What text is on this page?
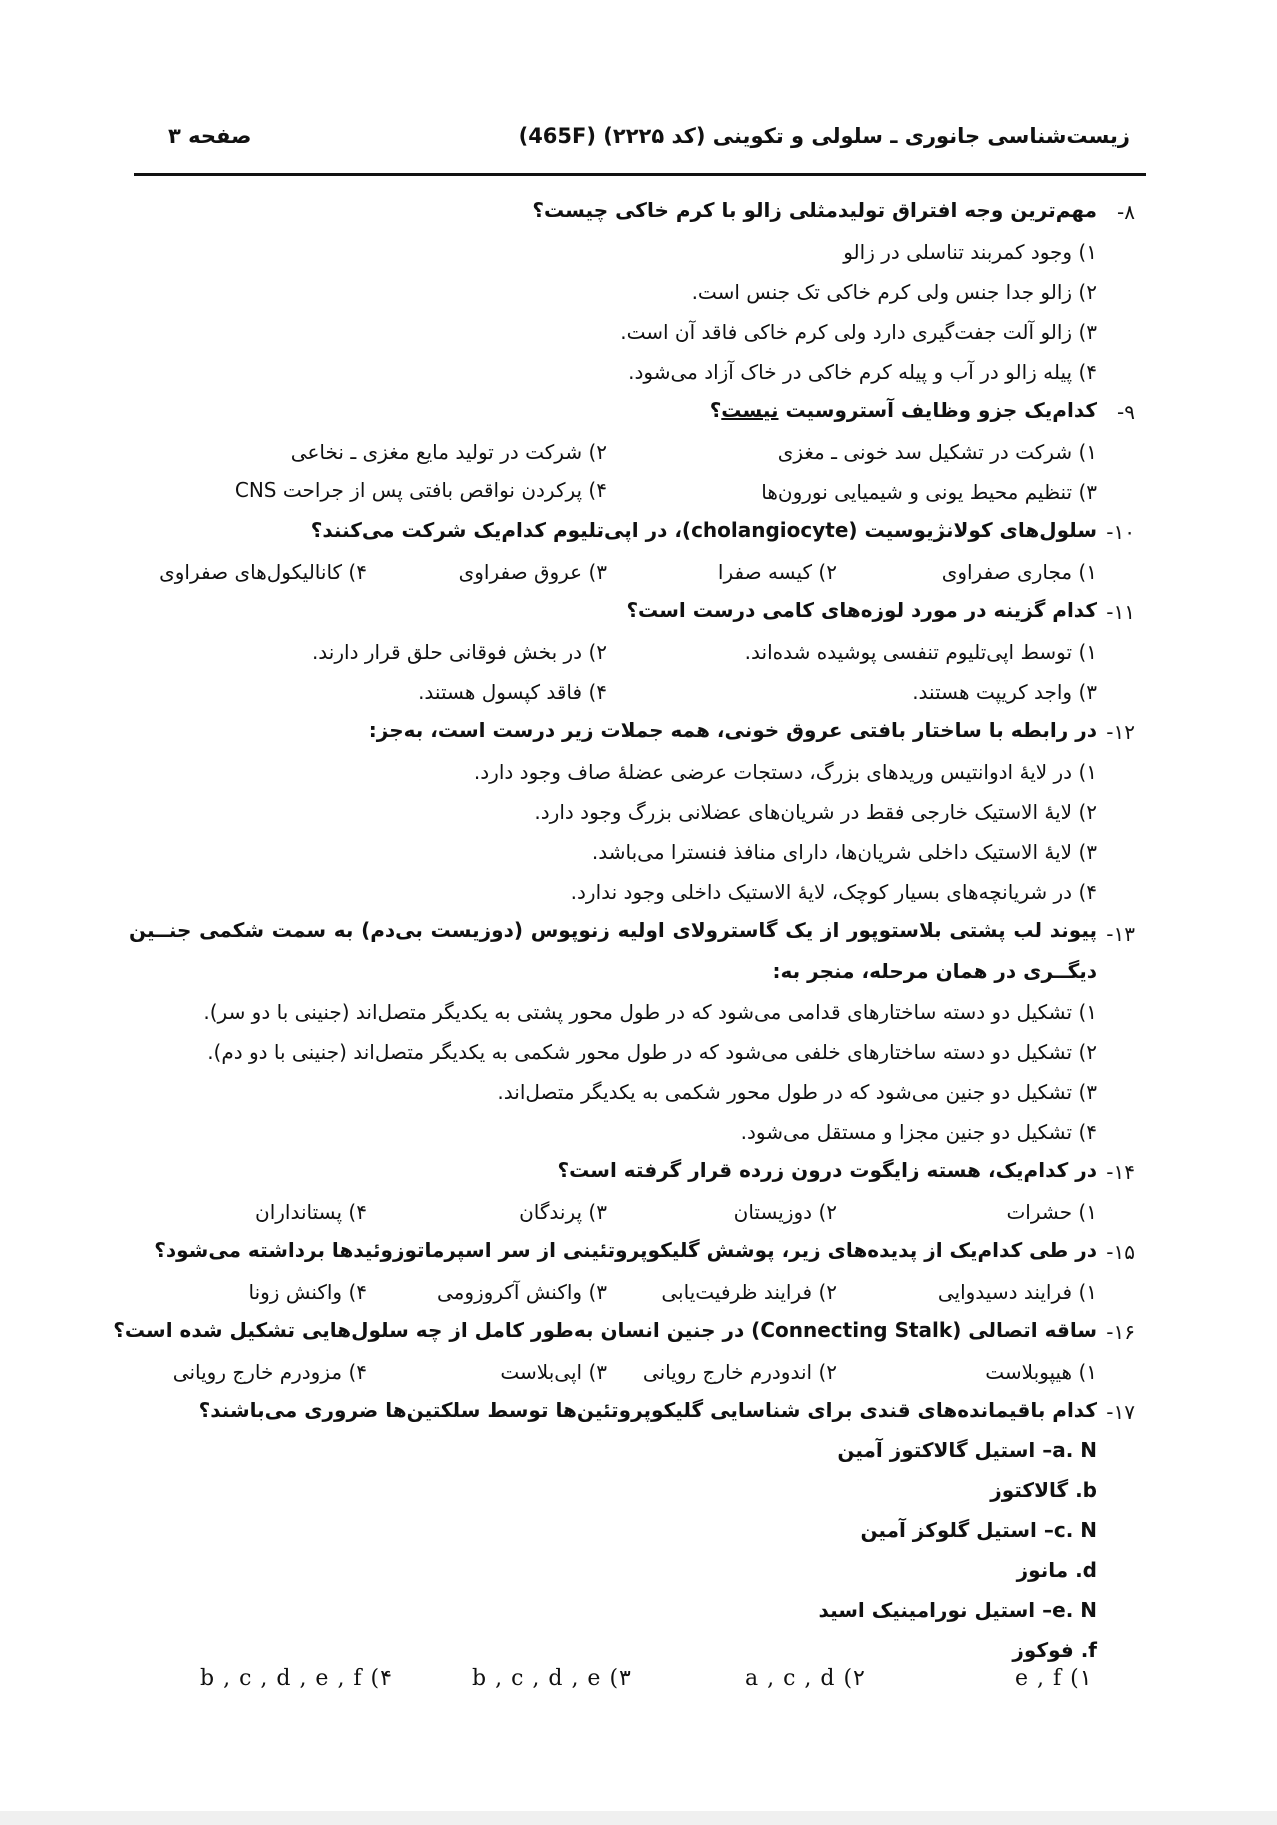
زیست‌شناسی جانوری ـ سلولی و تکوینی (کد ۲۲۲۵) (465F)
صفحه ۳
۸-
مهم‌ترین وجه افتراق تولیدمثلی زالو با کرم خاکی چیست؟
۱) وجود کمربند تناسلی در زالو
۲) زالو جدا جنس ولی کرم خاکی تک جنس است.
۳) زالو آلت جفت‌گیری دارد ولی کرم خاکی فاقد آن است.
۴) پیله زالو در آب و پیله کرم خاکی در خاک آزاد می‌شود.
۹-
کدام‌یک جزو وظایف آستروسیت نیست؟
۱) شرکت در تشکیل سد خونی ـ مغزی
۲) شرکت در تولید مایع مغزی ـ نخاعی
۳) تنظیم محیط یونی و شیمیایی نورون‌ها
۴) پرکردن نواقص بافتی پس از جراحت CNS
۱۰-
سلول‌های کولانژیوسیت (cholangiocyte)، در اپی‌تلیوم کدام‌یک شرکت می‌کنند؟
۱) مجاری صفراوی
۲) کیسه صفرا
۳) عروق صفراوی
۴) کانالیکول‌های صفراوی
۱۱-
کدام گزینه در مورد لوزه‌های کامی درست است؟
۱) توسط اپی‌تلیوم تنفسی پوشیده شده‌اند.
۲) در بخش فوقانی حلق قرار دارند.
۳) واجد کریپت هستند.
۴) فاقد کپسول هستند.
۱۲-
در رابطه با ساختار بافتی عروق خونی، همه جملات زیر درست است، به‌جز:
۱) در لایهٔ ادوانتیس وریدهای بزرگ، دستجات عرضی عضلهٔ صاف وجود دارد.
۲) لایهٔ الاستیک خارجی فقط در شریان‌های عضلانی بزرگ وجود دارد.
۳) لایهٔ الاستیک داخلی شریان‌ها، دارای منافذ فنسترا می‌باشد.
۴) در شریانچه‌های بسیار کوچک، لایهٔ الاستیک داخلی وجود ندارد.
۱۳-
پیوند لب پشتی بلاستوپور از یک گاسترولای اولیه زنوپوس (دوزیست بی‌دم) به سمت شکمی جنــین دیگــری در همان مرحله، منجر به:
۱) تشکیل دو دسته ساختارهای قدامی می‌شود که در طول محور پشتی به یکدیگر متصل‌اند (جنینی با دو سر).
۲) تشکیل دو دسته ساختارهای خلفی می‌شود که در طول محور شکمی به یکدیگر متصل‌اند (جنینی با دو دم).
۳) تشکیل دو جنین می‌شود که در طول محور شکمی به یکدیگر متصل‌اند.
۴) تشکیل دو جنین مجزا و مستقل می‌شود.
۱۴-
در کدام‌یک، هسته زایگوت درون زرده قرار گرفته است؟
۱) حشرات
۲) دوزیستان
۳) پرندگان
۴) پستانداران
۱۵-
در طی کدام‌یک از پدیده‌های زیر، پوشش گلیکوپروتئینی از سر اسپرماتوزوئیدها برداشته می‌شود؟
۱) فرایند دسیدوایی
۲) فرایند ظرفیت‌یابی
۳) واکنش آکروزومی
۴) واکنش زونا
۱۶-
ساقه اتصالی (Connecting Stalk) در جنین انسان به‌طور کامل از چه سلول‌هایی تشکیل شده است؟
۱) هیپوبلاست
۲) اندودرم خارج رویانی
۳) اپی‌بلاست
۴) مزودرم خارج رویانی
۱۷-
کدام باقیمانده‌های قندی برای شناسایی گلیکوپروتئین‌ها توسط سلکتین‌ها ضروری می‌باشند؟
a. N– استیل گالاکتوز آمین
b. گالاکتوز
c. N– استیل گلوکز آمین
d. مانوز
e. N– استیل نورامینیک اسید
f. فوکوز
e , f (۱
a , c , d (۲
b , c , d , e (۳
b , c , d , e , f (۴
